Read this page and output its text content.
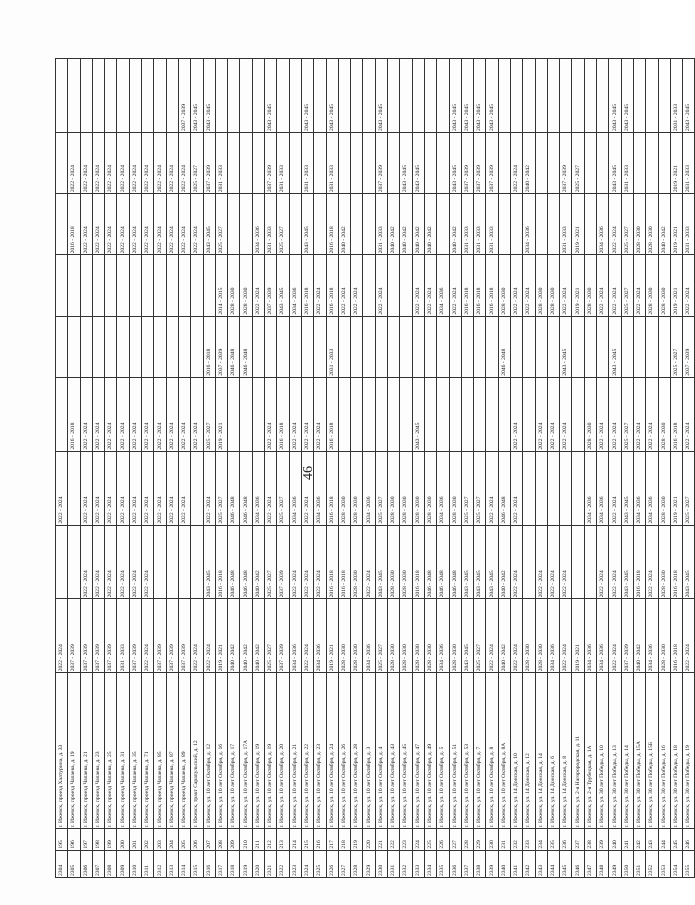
46
2304	195	г. Ижевск, проезд Халтурина, д. 33	2022 - 2024		2022 - 2024						
2305	196	г. Ижевск, проезд Чапаева, д. 19	2037 - 2039			2016 - 2018			2016 - 2018	2022 - 2024	
2306	197	г. Ижевск, проезд Чапаева, д. 21	2037 - 2039	2022 - 2024	2022 - 2024	2022 - 2024			2022 - 2024	2022 - 2024	
2307	198	г. Ижевск, проезд Чапаева, д. 23	2037 - 2039	2022 - 2024	2022 - 2024	2022 - 2024			2022 - 2024	2022 - 2024	
2308	199	г. Ижевск, проезд Чапаева, д. 25	2037 - 2039	2022 - 2024	2022 - 2024	2022 - 2024			2022 - 2024	2022 - 2024	
2309	200	г. Ижевск, проезд Чапаева, д. 31	2031 - 2033	2022 - 2024	2022 - 2024	2022 - 2024			2022 - 2024	2022 - 2024	
2310	201	г. Ижевск, проезд Чапаева, д. 35	2037 - 2039	2022 - 2024	2022 - 2024	2022 - 2024			2022 - 2024	2022 - 2024	
2311	202	г. Ижевск, проезд Чапаева, д. 71	2022 - 2024	2022 - 2024	2022 - 2024	2022 - 2024			2022 - 2024	2022 - 2024	
2312	203	г. Ижевск, проезд Чапаева, д. 85	2037 - 2039		2022 - 2024	2022 - 2024			2022 - 2024	2022 - 2024	
2313	204	г. Ижевск, проезд Чапаева, д. 87	2037 - 2039		2022 - 2024	2022 - 2024			2022 - 2024	2022 - 2024	
2314	205	г. Ижевск, проезд Чапаева, д. 89	2037 - 2039		2022 - 2024	2022 - 2024			2022 - 2024	2022 - 2024	2037 - 2039
2315	206	г. Ижевск, тракт Сарапульский, д. 12	2022 - 2024			2022 - 2024			2022 - 2024	2025 - 2027	2043 - 2045
2316	207	г. Ижевск, ул. 10 лет Октября, д. 12	2022 - 2024	2043 - 2045	2022 - 2024	2025 - 2027	2016 - 2018		2043 - 2045	2037 - 2039	2043 - 2045
2317	208	г. Ижевск, ул. 10 лет Октября, д. 16	2019 - 2021	2016 - 2018	2025 - 2027	2019 - 2021	2037 - 2039	2014 - 2015	2025 - 2027	2031 - 2033	
2318	209	г. Ижевск, ул. 10 лет Октября, д. 17	2040 - 2042	2046 - 2048	2046 - 2048		2046 - 2048	2028 - 2030			
2319	210	г. Ижевск, ул. 10 лет Октября, д. 17А	2040 - 2042	2046 - 2048	2046 - 2048		2046 - 2048	2028 - 2030			
2320	211	г. Ижевск, ул. 10 лет Октября, д. 19	2040 - 2042	2040 - 2042	2034 - 2036			2022 - 2024	2034 - 2036		
2321	212	г. Ижевск, ул. 10 лет Октября, д. 19	2025 - 2027	2025 - 2027	2022 - 2024	2022 - 2024		2037 - 2039	2031 - 2033	2037 - 2039	2043 - 2045
2322	213	г. Ижевск, ул. 10 лет Октября, д. 20	2037 - 2039	2037 - 2039	2025 - 2027	2016 - 2018		2043 - 2045	2025 - 2027	2031 - 2033	
2323	214	г. Ижевск, ул. 10 лет Октября, д. 21	2034 - 2036	2022 - 2024	2034 - 2036	2022 - 2024		2034 - 2036			
2324	215	г. Ижевск, ул. 10 лет Октября, д. 22	2022 - 2024	2022 - 2024	2022 - 2024	2022 - 2024		2016 - 2018	2043 - 2045	2031 - 2033	2043 - 2045
2325	216	г. Ижевск, ул. 10 лет Октября, д. 23	2034 - 2036	2022 - 2024	2034 - 2036	2022 - 2024		2022 - 2024			
2326	217	г. Ижевск, ул. 10 лет Октября, д. 24	2019 - 2021	2016 - 2018	2016 - 2018	2016 - 2018	2031 - 2033	2016 - 2018	2016 - 2018	2031 - 2033	2043 - 2045
2327	218	г. Ижевск, ул. 10 лет Октября, д. 26	2028 - 2030	2016 - 2018	2028 - 2030			2022 - 2024	2040 - 2042		
2328	219	г. Ижевск, ул. 10 лет Октября, д. 28	2028 - 2030	2028 - 2030	2028 - 2030			2022 - 2024			
2329	220	г. Ижевск, ул. 10 лет Октября, д. 3	2034 - 2036	2022 - 2024	2034 - 2036						
2330	221	г. Ижевск, ул. 10 лет Октября, д. 4	2025 - 2027	2043 - 2045	2025 - 2027			2022 - 2024	2031 - 2033	2037 - 2039	2043 - 2045
2331	222	г. Ижевск, ул. 10 лет Октября, д. 43	2028 - 2030	2028 - 2030	2028 - 2030				2040 - 2042		
2332	223	г. Ижевск, ул. 10 лет Октября, д. 45	2028 - 2030	2028 - 2030	2028 - 2030				2040 - 2042	2043 - 2045	
2333	224	г. Ижевск, ул. 10 лет Октября, д. 47	2028 - 2030	2016 - 2018	2028 - 2030	2043 - 2045		2022 - 2024	2040 - 2042	2043 - 2045	
2334	225	г. Ижевск, ул. 10 лет Октября, д. 49	2028 - 2030	2046 - 2048	2028 - 2030			2022 - 2024	2040 - 2042		
2335	226	г. Ижевск, ул. 10 лет Октября, д. 5	2034 - 2036	2046 - 2048	2034 - 2036			2034 - 2036			
2336	227	г. Ижевск, ул. 10 лет Октября, д. 51	2028 - 2030	2046 - 2048	2028 - 2030			2022 - 2024	2040 - 2042	2043 - 2045	2043 - 2045
2337	228	г. Ижевск, ул. 10 лет Октября, д. 53	2043 - 2045	2043 - 2045	2025 - 2027			2016 - 2018	2031 - 2033	2037 - 2039	2043 - 2045
2338	229	г. Ижевск, ул. 10 лет Октября, д. 7	2025 - 2027	2043 - 2045	2025 - 2027			2016 - 2018	2031 - 2033	2037 - 2039	2043 - 2045
2339	230	г. Ижевск, ул. 10 лет Октября, д. 8	2022 - 2024	2043 - 2045	2022 - 2024			2016 - 2018	2031 - 2033	2037 - 2039	2043 - 2045
2340	231	г. Ижевск, ул. 10 лет Октября, д. 8А	2040 - 2042	2040 - 2042	2046 - 2048		2046 - 2048	2028 - 2030			
2341	232	г. Ижевск, ул. 14 Донская, д. 10	2022 - 2024	2022 - 2024	2022 - 2024	2022 - 2024		2022 - 2024		2022 - 2024	
2342	233	г. Ижевск, ул. 14 Донская, д. 12	2028 - 2030					2022 - 2024	2034 - 2036	2040 - 2042	
2343	234	г. Ижевск, ул. 14 Донская, д. 14	2028 - 2030	2022 - 2024		2022 - 2024		2028 - 2030			
2344	235	г. Ижевск, ул. 14 Донская, д. 6	2034 - 2036	2022 - 2024		2022 - 2024		2028 - 2030			
2345	236	г. Ижевск, ул. 14 Донская, д. 8	2022 - 2024	2022 - 2024		2022 - 2024	2043 - 2045	2022 - 2024	2031 - 2033	2037 - 2039	
2346	237	г. Ижевск, ул. 2-я Нагорородская, д. 11	2019 - 2021					2019 - 2021	2019 - 2021	2025 - 2027	
2347	238	г. Ижевск, ул. 2-я Трубецкая, д. 1А	2034 - 2036		2034 - 2036	2028 - 2030		2028 - 2030			
2348	239	г. Ижевск, ул. 30 лет Победы, д. 10	2034 - 2036	2022 - 2024	2034 - 2036	2022 - 2024		2022 - 2024	2034 - 2036		
2349	240	г. Ижевск, ул. 30 лет Победы, д. 13	2022 - 2024	2022 - 2024	2022 - 2024	2022 - 2024	2043 - 2045	2022 - 2024	2022 - 2024	2043 - 2045	2043 - 2045
2350	241	г. Ижевск, ул. 30 лет Победы, д. 14	2037 - 2039	2043 - 2045	2043 - 2045	2025 - 2027		2025 - 2027	2025 - 2027	2031 - 2033	2043 - 2045
2351	242	г. Ижевск, ул. 30 лет Победы, д. 15А	2040 - 2042	2016 - 2018	2034 - 2036	2022 - 2024		2022 - 2024	2028 - 2030		
2352	243	г. Ижевск, ул. 30 лет Победы, д. 15Б	2034 - 2036	2022 - 2024	2034 - 2036	2022 - 2024		2028 - 2030	2028 - 2030		
2353	244	г. Ижевск, ул. 30 лет Победы, д. 16	2028 - 2030	2028 - 2030	2028 - 2030	2028 - 2030		2028 - 2030	2040 - 2042		
2354	245	г. Ижевск, ул. 30 лет Победы, д. 18	2016 - 2018	2016 - 2018	2019 - 2021	2016 - 2018	2025 - 2027	2019 - 2021	2019 - 2021	2019 - 2021	2031 - 2033
2355	246	г. Ижевск, ул. 30 лет Победы, д. 19	2022 - 2024	2043 - 2045	2025 - 2027	2022 - 2024	2037 - 2039	2022 - 2024	2031 - 2033	2031 - 2033	2043 - 2045
